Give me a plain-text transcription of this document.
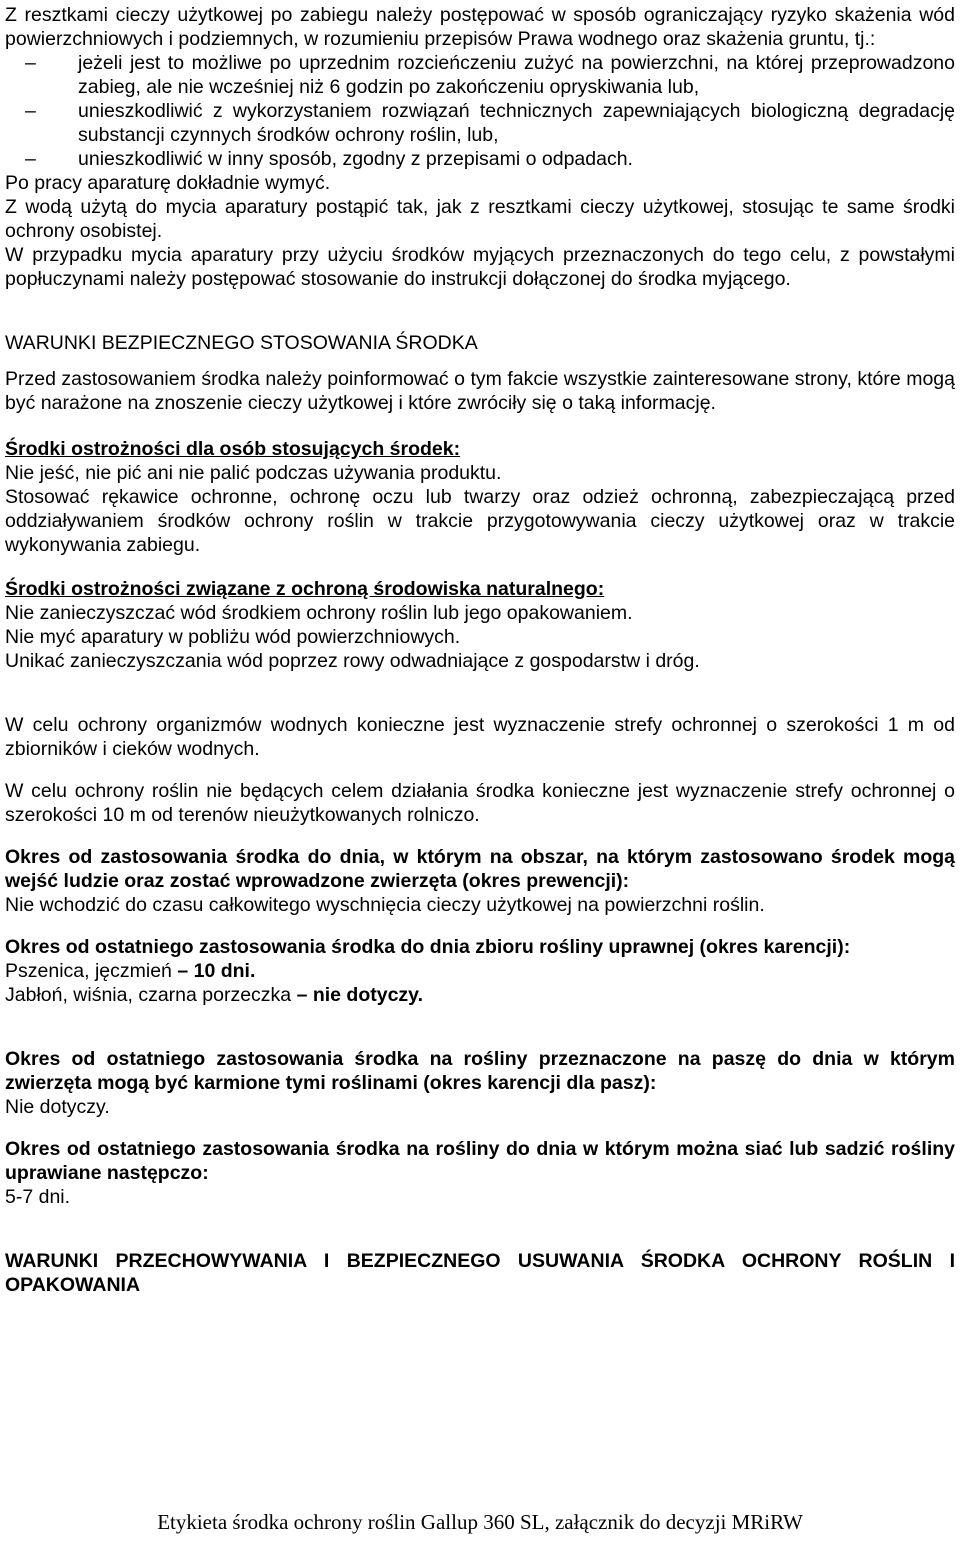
Z resztkami cieczy użytkowej po zabiegu należy postępować w sposób ograniczający ryzyko skażenia wód powierzchniowych i podziemnych, w rozumieniu przepisów Prawa wodnego oraz skażenia gruntu, tj.:

– jeżeli jest to możliwe po uprzednim rozcieńczeniu zużyć na powierzchni, na której przeprowadzono zabieg, ale nie wcześniej niż 6 godzin po zakończeniu opryskiwania lub,
– unieszkodliwić z wykorzystaniem rozwiązań technicznych zapewniających biologiczną degradację substancji czynnych środków ochrony roślin, lub,
– unieszkodliwić w inny sposób, zgodny z przepisami o odpadach.

Po pracy aparaturę dokładnie wymyć.

Z wodą użytą do mycia aparatury postąpić tak, jak z resztkami cieczy użytkowej, stosując te same środki ochrony osobistej.

W przypadku mycia aparatury przy użyciu środków myjących przeznaczonych do tego celu, z powstałymi popłuczynami należy postępować stosowanie do instrukcji dołączonej do środka myjącego.

WARUNKI BEZPIECZNEGO STOSOWANIA ŚRODKA

Przed zastosowaniem środka należy poinformować o tym fakcie wszystkie zainteresowane strony, które mogą być narażone na znoszenie cieczy użytkowej i które zwróciły się o taką informację.

Środki ostrożności dla osób stosujących środek:

Nie jeść, nie pić ani nie palić podczas używania produktu.

Stosować rękawice ochronne, ochronę oczu lub twarzy oraz odzież ochronną, zabezpieczającą przed oddziaływaniem środków ochrony roślin w trakcie przygotowywania cieczy użytkowej oraz w trakcie wykonywania zabiegu.

Środki ostrożności związane z ochroną środowiska naturalnego:

Nie zanieczyszczać wód środkiem ochrony roślin lub jego opakowaniem.

Nie myć aparatury w pobliżu wód powierzchniowych.

Unikać zanieczyszczania wód poprzez rowy odwadniające z gospodarstw i dróg.

W celu ochrony organizmów wodnych konieczne jest wyznaczenie strefy ochronnej o szerokości 1 m od zbiorników i cieków wodnych.

W celu ochrony roślin nie będących celem działania środka konieczne jest wyznaczenie strefy ochronnej o szerokości 10 m od terenów nieużytkowanych rolniczo.

Okres od zastosowania środka do dnia, w którym na obszar, na którym zastosowano środek mogą wejść ludzie oraz zostać wprowadzone zwierzęta (okres prewencji):

Nie wchodzić do czasu całkowitego wyschnięcia cieczy użytkowej na powierzchni roślin.

Okres od ostatniego zastosowania środka do dnia zbioru rośliny uprawnej (okres karencji):

Pszenica, jęczmień – 10 dni.

Jabłoń, wiśnia, czarna porzeczka – nie dotyczy.

Okres od ostatniego zastosowania środka na rośliny przeznaczone na paszę do dnia w którym zwierzęta mogą być karmione tymi roślinami (okres karencji dla pasz):

Nie dotyczy.

Okres od ostatniego zastosowania środka na rośliny do dnia w którym można siać lub sadzić rośliny uprawiane następczo:

5-7 dni.

WARUNKI PRZECHOWYWANIA I BEZPIECZNEGO USUWANIA ŚRODKA OCHRONY ROŚLIN I OPAKOWANIA

Etykieta środka ochrony roślin Gallup 360 SL, załącznik do decyzji MRiRW
